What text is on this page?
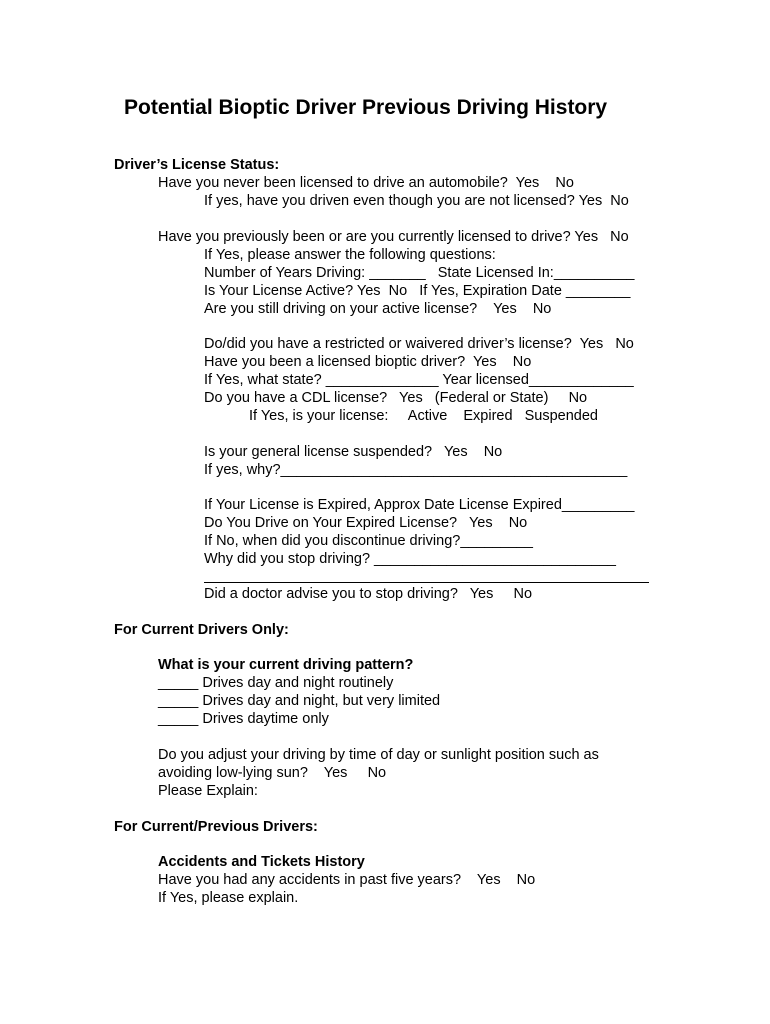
Potential Bioptic Driver Previous Driving History
Driver’s License Status:
Have you never been licensed to drive an automobile?  Yes    No
If yes, have you driven even though you are not licensed? Yes  No
Have you previously been or are you currently licensed to drive? Yes   No
If Yes, please answer the following questions:
Number of Years Driving: _______   State Licensed In:__________
Is Your License Active? Yes  No   If Yes, Expiration Date ________
Are you still driving on your active license?    Yes    No
Do/did you have a restricted or waivered driver’s license?  Yes   No
Have you been a licensed bioptic driver?  Yes    No
If Yes, what state? ______________ Year licensed_____________
Do you have a CDL license?   Yes   (Federal or State)     No
If Yes, is your license:     Active    Expired   Suspended
Is your general license suspended?   Yes    No
If yes, why?___________________________________________
If Your License is Expired, Approx Date License Expired_________
Do You Drive on Your Expired License?   Yes    No
If No, when did you discontinue driving?_________
Why did you stop driving? ______________________________
Did a doctor advise you to stop driving?   Yes     No
For Current Drivers Only:
What is your current driving pattern?
_____ Drives day and night routinely
_____ Drives day and night, but very limited
_____ Drives daytime only
Do you adjust your driving by time of day or sunlight position such as
avoiding low-lying sun?    Yes     No
Please Explain:
For Current/Previous Drivers:
Accidents and Tickets History
Have you had any accidents in past five years?    Yes    No
If Yes, please explain.
